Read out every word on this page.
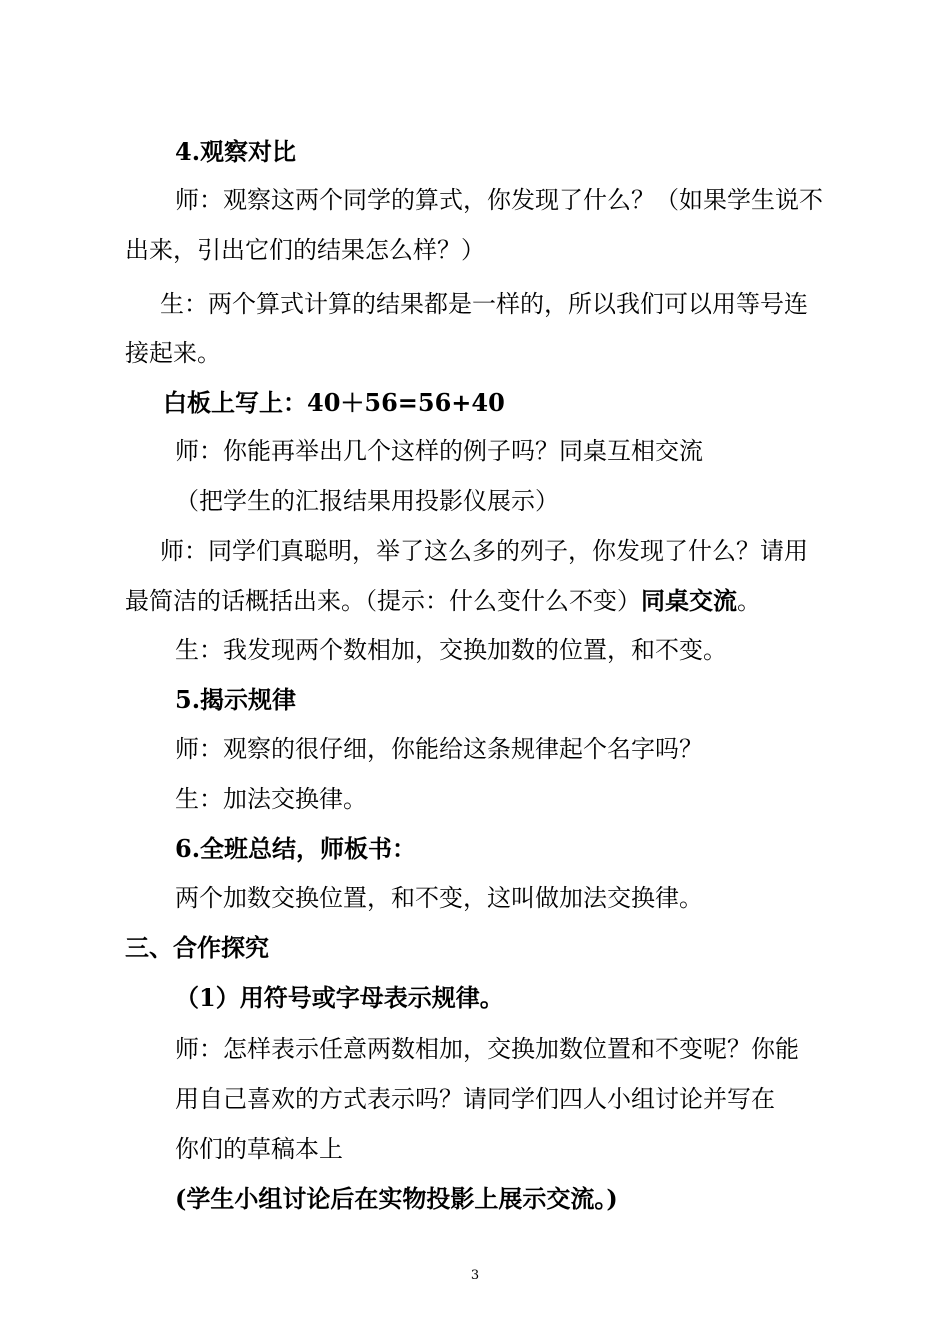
4.观察对比
师：观察这两个同学的算式，你发现了什么？（如果学生说不
出来，引出它们的结果怎么样？）
生：两个算式计算的结果都是一样的，所以我们可以用等号连
接起来。
白板上写上：40＋56=56+40
师：你能再举出几个这样的例子吗？同桌互相交流
（把学生的汇报结果用投影仪展示）
师：同学们真聪明，举了这么多的列子，你发现了什么？请用
最简洁的话概括出来。（提示：什么变什么不变）同桌交流。
生：我发现两个数相加，交换加数的位置，和不变。
5.揭示规律
师：观察的很仔细，你能给这条规律起个名字吗？
生：加法交换律。
6.全班总结，师板书：
两个加数交换位置，和不变，这叫做加法交换律。
三、合作探究
（1）用符号或字母表示规律。
师：怎样表示任意两数相加，交换加数位置和不变呢？你能
用自己喜欢的方式表示吗？请同学们四人小组讨论并写在
你们的草稿本上
(学生小组讨论后在实物投影上展示交流。)
3
